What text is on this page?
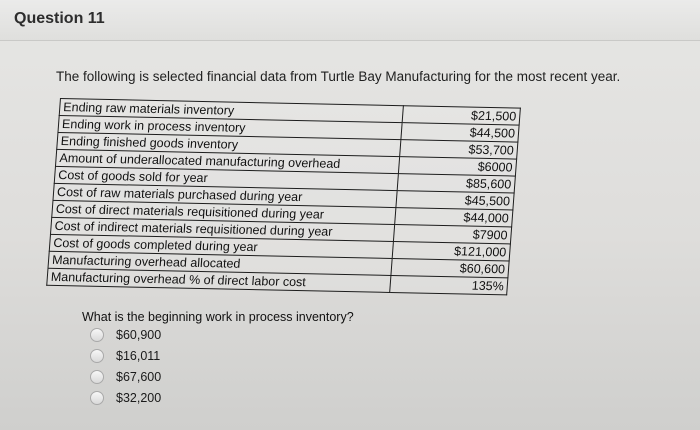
Question 11
The following is selected financial data from Turtle Bay Manufacturing for the most recent year.
Ending raw materials inventory	$21,500
Ending work in process inventory	$44,500
Ending finished goods inventory	$53,700
Amount of underallocated manufacturing overhead	$6000
Cost of goods sold for year	$85,600
Cost of raw materials purchased during year	$45,500
Cost of direct materials requisitioned during year	$44,000
Cost of indirect materials requisitioned during year	$7900
Cost of goods completed during year	$121,000
Manufacturing overhead allocated	$60,600
Manufacturing overhead % of direct labor cost	135%
What is the beginning work in process inventory?
$60,900
$16,011
$67,600
$32,200
